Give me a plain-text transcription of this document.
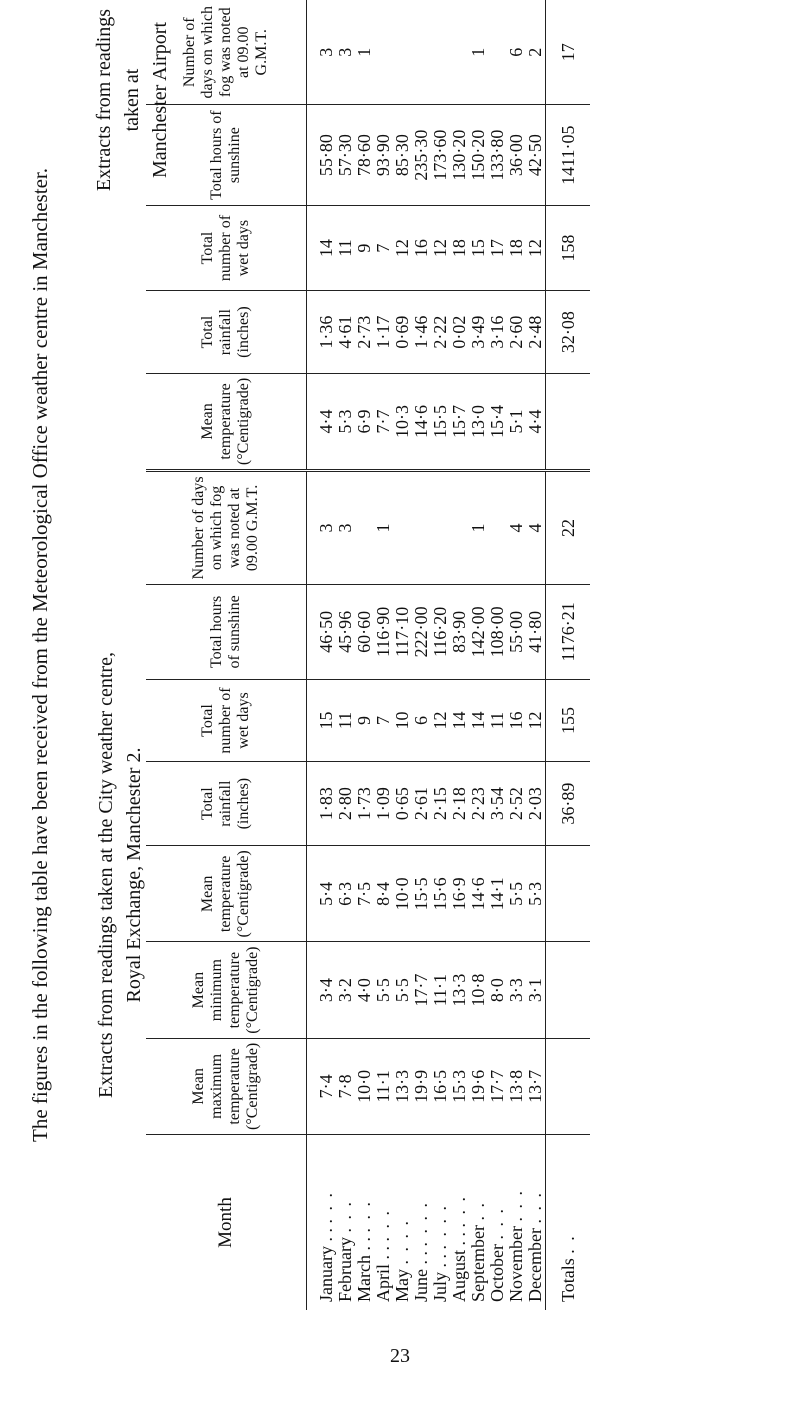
The figures in the following table have been received from the Meteorological Office weather centre in Manchester. Extracts from readings taken at the City weather centre, Royal Exchange, Manchester 2.
Extracts from readings taken at Manchester Airport
Month	Mean maximum temperature (°Centigrade)	Mean minimum temperature (°Centigrade)	Mean temperature (°Centigrade)	Total rainfall (inches)	Total number of wet days	Total hours of sunshine	Number of days on which fog was noted at 09.00 G.M.T.	Mean temperature (°Centigrade)	Total rainfall (inches)	Total number of wet days	Total hours of sunshine	Number of days on which fog was noted at 09.00 G.M.T.

January . . . . .	7·4	3·4	5·4	1·83	15	46·50	3	4·4	1·36	14	55·80	3
February . . .	7·8	3·2	6·3	2·80	11	45·96	3	5·3	4·61	11	57·30	3
March . . . . .	10·0	4·0	7·5	1·73	9	60·60		6·9	2·73	9	78·60	1
April . . . . .	11·1	5·5	8·4	1·09	7	116·90	1	7·7	1·17	7	93·90	
May . . . .	13·3	5·5	10·0	0·65	10	117·10		10·3	0·69	12	85·30	
June . . . . . .	19·9	17·7	15·5	2·61	6	222·00		14·6	1·46	16	235·30	
July . . . . . .	16·5	11·1	15·6	2·15	12	116·20		15·5	2·22	12	173·60	
August . . . . .	15·3	13·3	16·9	2·18	14	83·90		15·7	0·02	18	130·20	
September . .	19·6	10·8	14·6	2·23	14	142·00	1	13·0	3·49	15	150·20	1
October . . .	17·7	8·0	14·1	3·54	11	108·00		15·4	3·16	17	133·80	
November . . .	13·8	3·3	5·5	2·52	16	55·00	4	5·1	2·60	18	36·00	6
December . . .	13·7	3·1	5·3	2·03	12	41·80	4	4·4	2·48	12	42·50	2
Totals . .				36·89	155	1176·21	22		32·08	158	1411·05	17
23
